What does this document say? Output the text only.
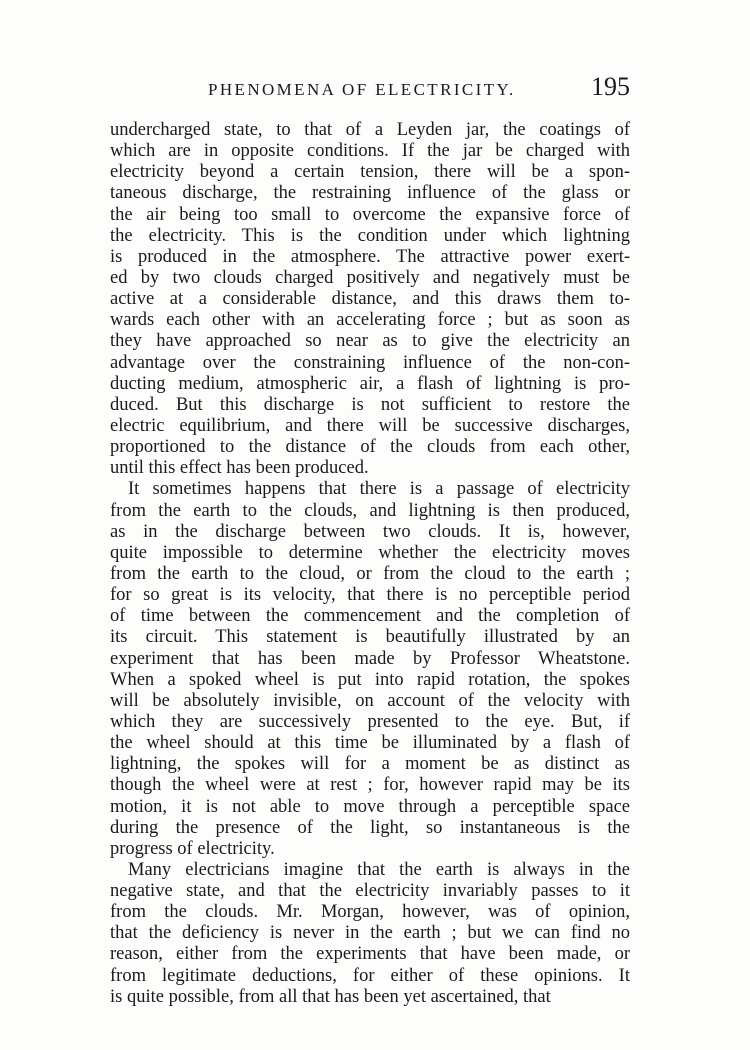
PHENOMENA OF ELECTRICITY.	195
undercharged state, to that of a Leyden jar, the coatings of
which are in opposite conditions. If the jar be charged with
electricity beyond a certain tension, there will be a spon-
taneous discharge, the restraining influence of the glass or
the air being too small to overcome the expansive force of
the electricity. This is the condition under which lightning
is produced in the atmosphere. The attractive power exert-
ed by two clouds charged positively and negatively must be
active at a considerable distance, and this draws them to-
wards each other with an accelerating force ; but as soon as
they have approached so near as to give the electricity an
advantage over the constraining influence of the non-con-
ducting medium, atmospheric air, a flash of lightning is pro-
duced. But this discharge is not sufficient to restore the
electric equilibrium, and there will be successive discharges,
proportioned to the distance of the clouds from each other,
until this effect has been produced.
It sometimes happens that there is a passage of electricity
from the earth to the clouds, and lightning is then produced,
as in the discharge between two clouds. It is, however,
quite impossible to determine whether the electricity moves
from the earth to the cloud, or from the cloud to the earth ;
for so great is its velocity, that there is no perceptible period
of time between the commencement and the completion of
its circuit. This statement is beautifully illustrated by an
experiment that has been made by Professor Wheatstone.
When a spoked wheel is put into rapid rotation, the spokes
will be absolutely invisible, on account of the velocity with
which they are successively presented to the eye. But, if
the wheel should at this time be illuminated by a flash of
lightning, the spokes will for a moment be as distinct as
though the wheel were at rest ; for, however rapid may be its
motion, it is not able to move through a perceptible space
during the presence of the light, so instantaneous is the
progress of electricity.
Many electricians imagine that the earth is always in the
negative state, and that the electricity invariably passes to it
from the clouds. Mr. Morgan, however, was of opinion,
that the deficiency is never in the earth ; but we can find no
reason, either from the experiments that have been made, or
from legitimate deductions, for either of these opinions. It
is quite possible, from all that has been yet ascertained, that
